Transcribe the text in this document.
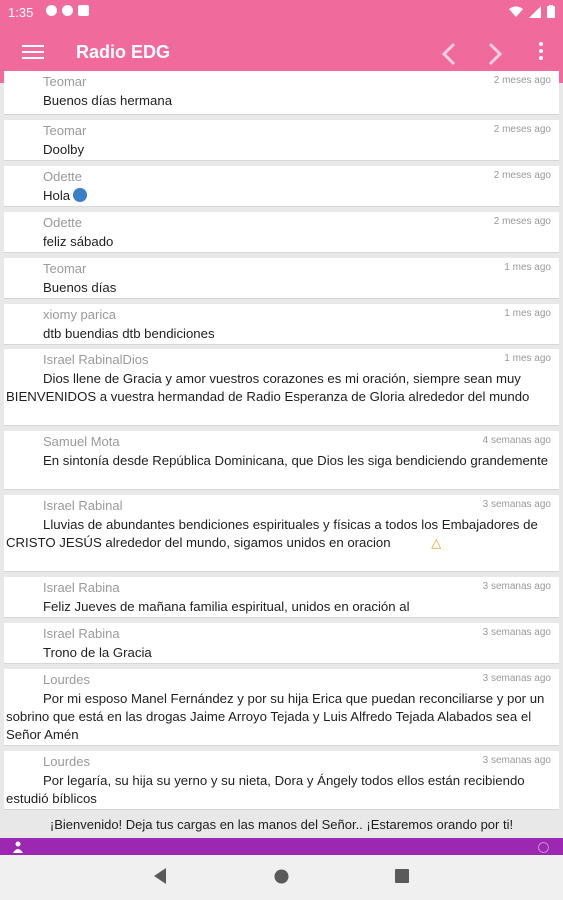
1:35
Radio EDG
Teomar	2 meses ago
Buenos días hermana
Teomar	2 meses ago
Doolby
Odette	2 meses ago
Hola
Odette	2 meses ago
feliz sábado
Teomar	1 mes ago
Buenos días
xiomy parica	1 mes ago
dtb buendias dtb bendiciones
Israel RabinalDios	1 mes ago
Dios llene de Gracia y amor vuestros corazones es mi oración, siempre sean muy BIENVENIDOS a vuestra hermandad de Radio Esperanza de Gloria alrededor del mundo
Samuel Mota	4 semanas ago
En sintonía desde República Dominicana, que Dios les siga bendiciendo grandemente
Israel Rabinal	3 semanas ago
Lluvias de abundantes bendiciones espirituales y físicas a todos los Embajadores de CRISTO JESÚS alrededor del mundo, sigamos unidos en oracion	△
Israel Rabina	3 semanas ago
Feliz Jueves de mañana familia espiritual, unidos en oración al
Israel Rabina	3 semanas ago
Trono de la Gracia
Lourdes	3 semanas ago
Por mi esposo Manel Fernández y por su hija Erica que puedan reconciliarse y por un sobrino que está en las drogas Jaime Arroyo Tejada y Luis Alfredo Tejada Alabados sea el Señor Amén
Lourdes	3 semanas ago
Por legaría, su hija su yerno y su nieta, Dora y Ángely todos ellos están recibiendo estudió bíblicos
¡Bienvenido! Deja tus cargas en las manos del Señor.. ¡Estaremos orando por ti!
